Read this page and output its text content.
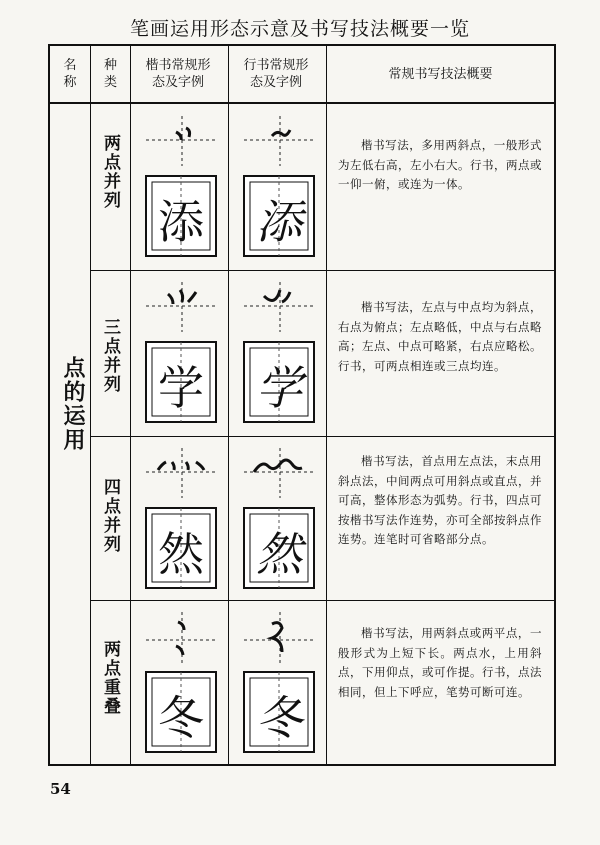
笔画运用形态示意及书写技法概要一览
名
称
种
类
楷书常规形
态及字例
行书常规形
态及字例
常规书写技法概要
点的运用
两点并列
三点并列
四点并列
两点重叠
添 添
学 学
然 然
冬 冬
楷书写法，多用两斜点，一般形式为左低右高，左小右大。行书，两点或一仰一俯，或连为一体。
楷书写法，左点与中点均为斜点，右点为俯点；左点略低，中点与右点略高；左点、中点可略紧，右点应略松。行书，可两点相连或三点均连。
楷书写法，首点用左点法，末点用斜点法，中间两点可用斜点或直点，并可高，整体形态为弧势。行书，四点可按楷书写法作连势，亦可全部按斜点作连势。连笔时可省略部分点。
楷书写法，用两斜点或两平点，一般形式为上短下长。两点水，上用斜点，下用仰点，或可作提。行书，点法相同，但上下呼应，笔势可断可连。
54
